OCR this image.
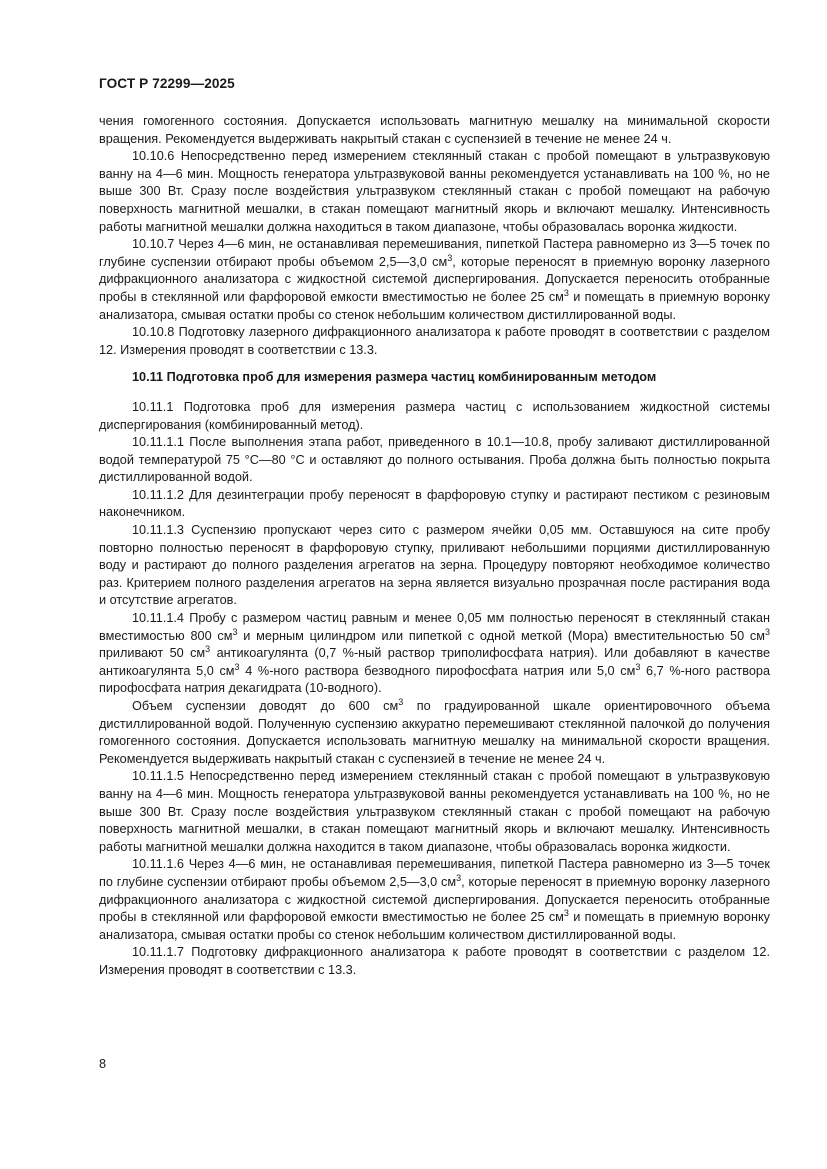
ГОСТ Р 72299—2025

чения гомогенного состояния. Допускается использовать магнитную мешалку на минимальной скорости вращения. Рекомендуется выдерживать накрытый стакан с суспензией в течение не менее 24 ч.

10.10.6 Непосредственно перед измерением стеклянный стакан с пробой помещают в ультразвуковую ванну на 4—6 мин. Мощность генератора ультразвуковой ванны рекомендуется устанавливать на 100 %, но не выше 300 Вт. Сразу после воздействия ультразвуком стеклянный стакан с пробой помещают на рабочую поверхность магнитной мешалки, в стакан помещают магнитный якорь и включают мешалку. Интенсивность работы магнитной мешалки должна находиться в таком диапазоне, чтобы образовалась воронка жидкости.

10.10.7 Через 4—6 мин, не останавливая перемешивания, пипеткой Пастера равномерно из 3—5 точек по глубине суспензии отбирают пробы объемом 2,5—3,0 $см^3$, которые переносят в приемную воронку лазерного дифракционного анализатора с жидкостной системой диспергирования. Допускается переносить отобранные пробы в стеклянной или фарфоровой емкости вместимостью не более 25 $см^3$ и помещать в приемную воронку анализатора, смывая остатки пробы со стенок небольшим количеством дистиллированной воды.

10.10.8 Подготовку лазерного дифракционного анализатора к работе проводят в соответствии с разделом 12. Измерения проводят в соответствии с 13.3.

10.11 Подготовка проб для измерения размера частиц комбинированным методом

10.11.1 Подготовка проб для измерения размера частиц с использованием жидкостной системы диспергирования (комбинированный метод).

10.11.1.1 После выполнения этапа работ, приведенного в 10.1—10.8, пробу заливают дистиллированной водой температурой 75 °С—80 °С и оставляют до полного остывания. Проба должна быть полностью покрыта дистиллированной водой.

10.11.1.2 Для дезинтеграции пробу переносят в фарфоровую ступку и растирают пестиком с резиновым наконечником.

10.11.1.3 Суспензию пропускают через сито с размером ячейки 0,05 мм. Оставшуюся на сите пробу повторно полностью переносят в фарфоровую ступку, приливают небольшими порциями дистиллированную воду и растирают до полного разделения агрегатов на зерна. Процедуру повторяют необходимое количество раз. Критерием полного разделения агрегатов на зерна является визуально прозрачная после растирания вода и отсутствие агрегатов.

10.11.1.4 Пробу с размером частиц равным и менее 0,05 мм полностью переносят в стеклянный стакан вместимостью 800 $см^3$ и мерным цилиндром или пипеткой с одной меткой (Мора) вместительностью 50 $см^3$ приливают 50 $см^3$ антикоагулянта (0,7 %-ный раствор триполифосфата натрия). Или добавляют в качестве антикоагулянта 5,0 $см^3$ 4 %-ного раствора безводного пирофосфата натрия или 5,0 $см^3$ 6,7 %-ного раствора пирофосфата натрия декагидрата (10-водного).

Объем суспензии доводят до 600 $см^3$ по градуированной шкале ориентировочного объема дистиллированной водой. Полученную суспензию аккуратно перемешивают стеклянной палочкой до получения гомогенного состояния. Допускается использовать магнитную мешалку на минимальной скорости вращения. Рекомендуется выдерживать накрытый стакан с суспензией в течение не менее 24 ч.

10.11.1.5 Непосредственно перед измерением стеклянный стакан с пробой помещают в ультразвуковую ванну на 4—6 мин. Мощность генератора ультразвуковой ванны рекомендуется устанавливать на 100 %, но не выше 300 Вт. Сразу после воздействия ультразвуком стеклянный стакан с пробой помещают на рабочую поверхность магнитной мешалки, в стакан помещают магнитный якорь и включают мешалку. Интенсивность работы магнитной мешалки должна находится в таком диапазоне, чтобы образовалась воронка жидкости.

10.11.1.6 Через 4—6 мин, не останавливая перемешивания, пипеткой Пастера равномерно из 3—5 точек по глубине суспензии отбирают пробы объемом 2,5—3,0 $см^3$, которые переносят в приемную воронку лазерного дифракционного анализатора с жидкостной системой диспергирования. Допускается переносить отобранные пробы в стеклянной или фарфоровой емкости вместимостью не более 25 $см^3$ и помещать в приемную воронку анализатора, смывая остатки пробы со стенок небольшим количеством дистиллированной воды.

10.11.1.7 Подготовку дифракционного анализатора к работе проводят в соответствии с разделом 12. Измерения проводят в соответствии с 13.3.

8
